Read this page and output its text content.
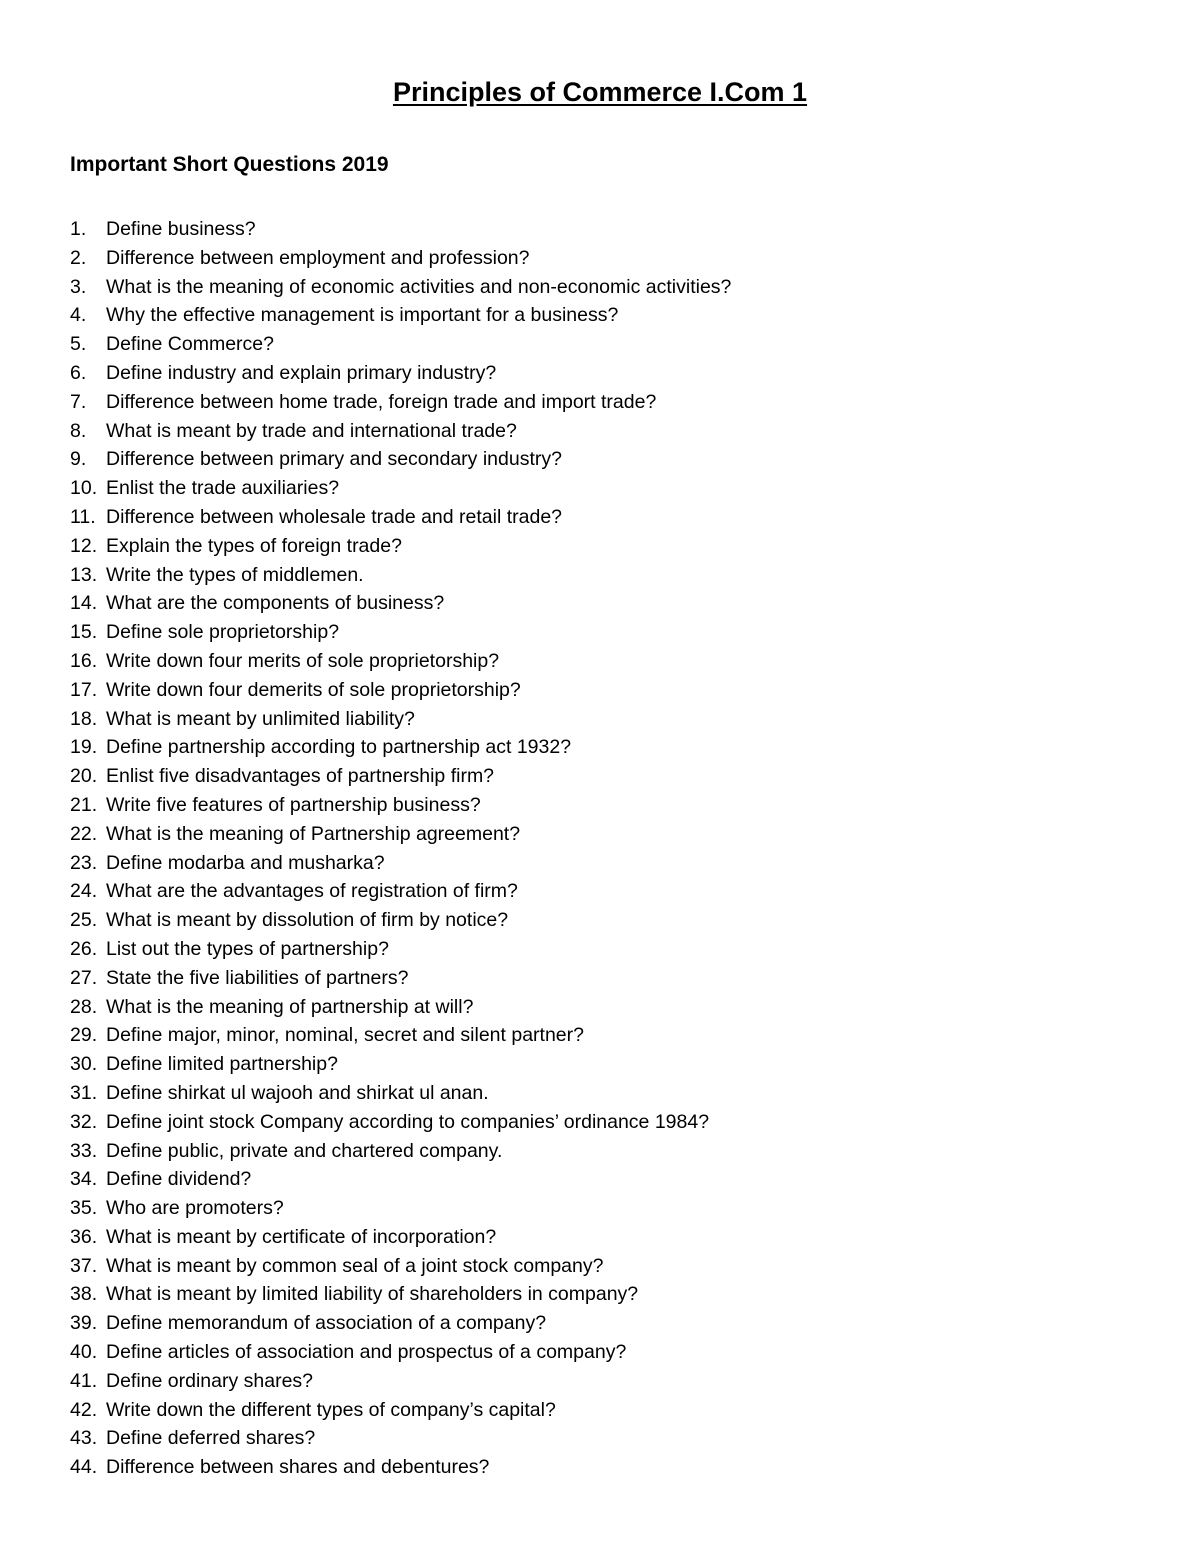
Principles of Commerce I.Com 1
Important Short Questions 2019
1.	Define business?
2.	Difference between employment and profession?
3.	What is the meaning of economic activities and non-economic activities?
4.	Why the effective management is important for a business?
5.	Define Commerce?
6.	Define industry and explain primary industry?
7.	Difference between home trade, foreign trade and import trade?
8.	What is meant by trade and international trade?
9.	Difference between primary and secondary industry?
10. Enlist the trade auxiliaries?
11. Difference between wholesale trade and retail trade?
12. Explain the types of foreign trade?
13. Write the types of middlemen.
14. What are the components of business?
15. Define sole proprietorship?
16. Write down four merits of sole proprietorship?
17. Write down four demerits of sole proprietorship?
18. What is meant by unlimited liability?
19. Define partnership according to partnership act 1932?
20. Enlist five disadvantages of partnership firm?
21. Write five features of partnership business?
22. What is the meaning of Partnership agreement?
23. Define modarba and musharka?
24. What are the advantages of registration of firm?
25. What is meant by dissolution of firm by notice?
26. List out the types of partnership?
27. State the five liabilities of partners?
28. What is the meaning of partnership at will?
29. Define major, minor, nominal, secret and silent partner?
30. Define limited partnership?
31. Define shirkat ul wajooh and shirkat ul anan.
32. Define joint stock Company according to companies’ ordinance 1984?
33. Define public, private and chartered company.
34. Define dividend?
35. Who are promoters?
36. What is meant by certificate of incorporation?
37. What is meant by common seal of a joint stock company?
38. What is meant by limited liability of shareholders in company?
39. Define memorandum of association of a company?
40. Define articles of association and prospectus of a company?
41. Define ordinary shares?
42. Write down the different types of company’s capital?
43. Define deferred shares?
44. Difference between shares and debentures?
